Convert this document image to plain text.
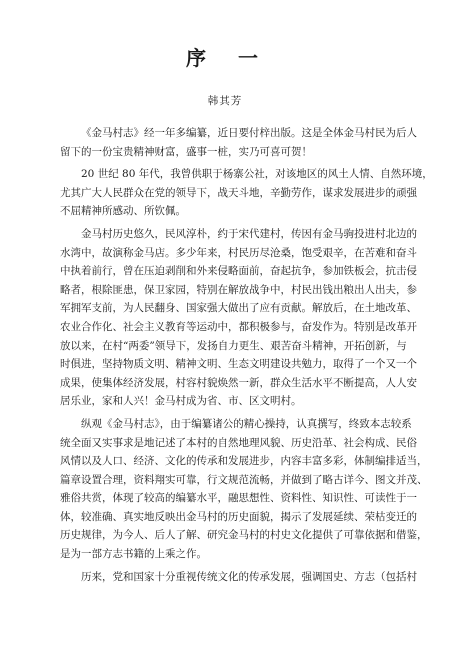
序　一
韩其芳
《金马村志》经一年多编纂，近日要付梓出版。这是全体金马村民为后人
留下的一份宝贵精神财富，盛事一桩，实乃可喜可贺！
20 世纪 80 年代，我曾供职于杨寨公社，对该地区的风土人情、自然环境，
尤其广大人民群众在党的领导下，战天斗地，辛勤劳作，谋求发展进步的顽强
不屈精神所感动、所钦佩。
金马村历史悠久，民风淳朴，约于宋代建村，传因有金马驹投进村北边的
水湾中，故演称金马店。多少年来，村民历尽沧桑，饱受艰辛，在苦难和奋斗
中执着前行，曾在压迫剥削和外来侵略面前，奋起抗争，参加铁板会，抗击侵
略者，根除匪患，保卫家园，特别在解放战争中，村民出钱出粮出人出夫，参
军拥军支前，为人民翻身、国家强大做出了应有贡献。解放后，在土地改革、
农业合作化、社会主义教育等运动中，都积极参与，奋发作为。特别是改革开
放以来，在村“两委”领导下，发扬自力更生、艰苦奋斗精神，开拓创新，与
时俱进，坚持物质文明、精神文明、生态文明建设共勉力，取得了一个又一个
成果，使集体经济发展，村容村貌焕然一新，群众生活水平不断提高，人人安
居乐业，家和人兴！金马村成为省、市、区文明村。
纵观《金马村志》，由于编纂诸公的精心操持，认真撰写，终致本志较系
统全面又实事求是地记述了本村的自然地理风貌、历史沿革、社会构成、民俗
风情以及人口、经济、文化的传承和发展进步，内容丰富多彩，体制编排适当，
篇章设置合理，资料翔实可靠，行文规范流畅，并做到了略古详今、图文并茂、
雅俗共赏，体现了较高的编纂水平，融思想性、资料性、知识性、可读性于一
体，较准确、真实地反映出金马村的历史面貌，揭示了发展延续、荣枯变迁的
历史规律，为今人、后人了解、研究金马村的村史文化提供了可靠依据和借鉴，
是为一部方志书籍的上乘之作。
历来，党和国家十分重视传统文化的传承发展，强调国史、方志（包括村
